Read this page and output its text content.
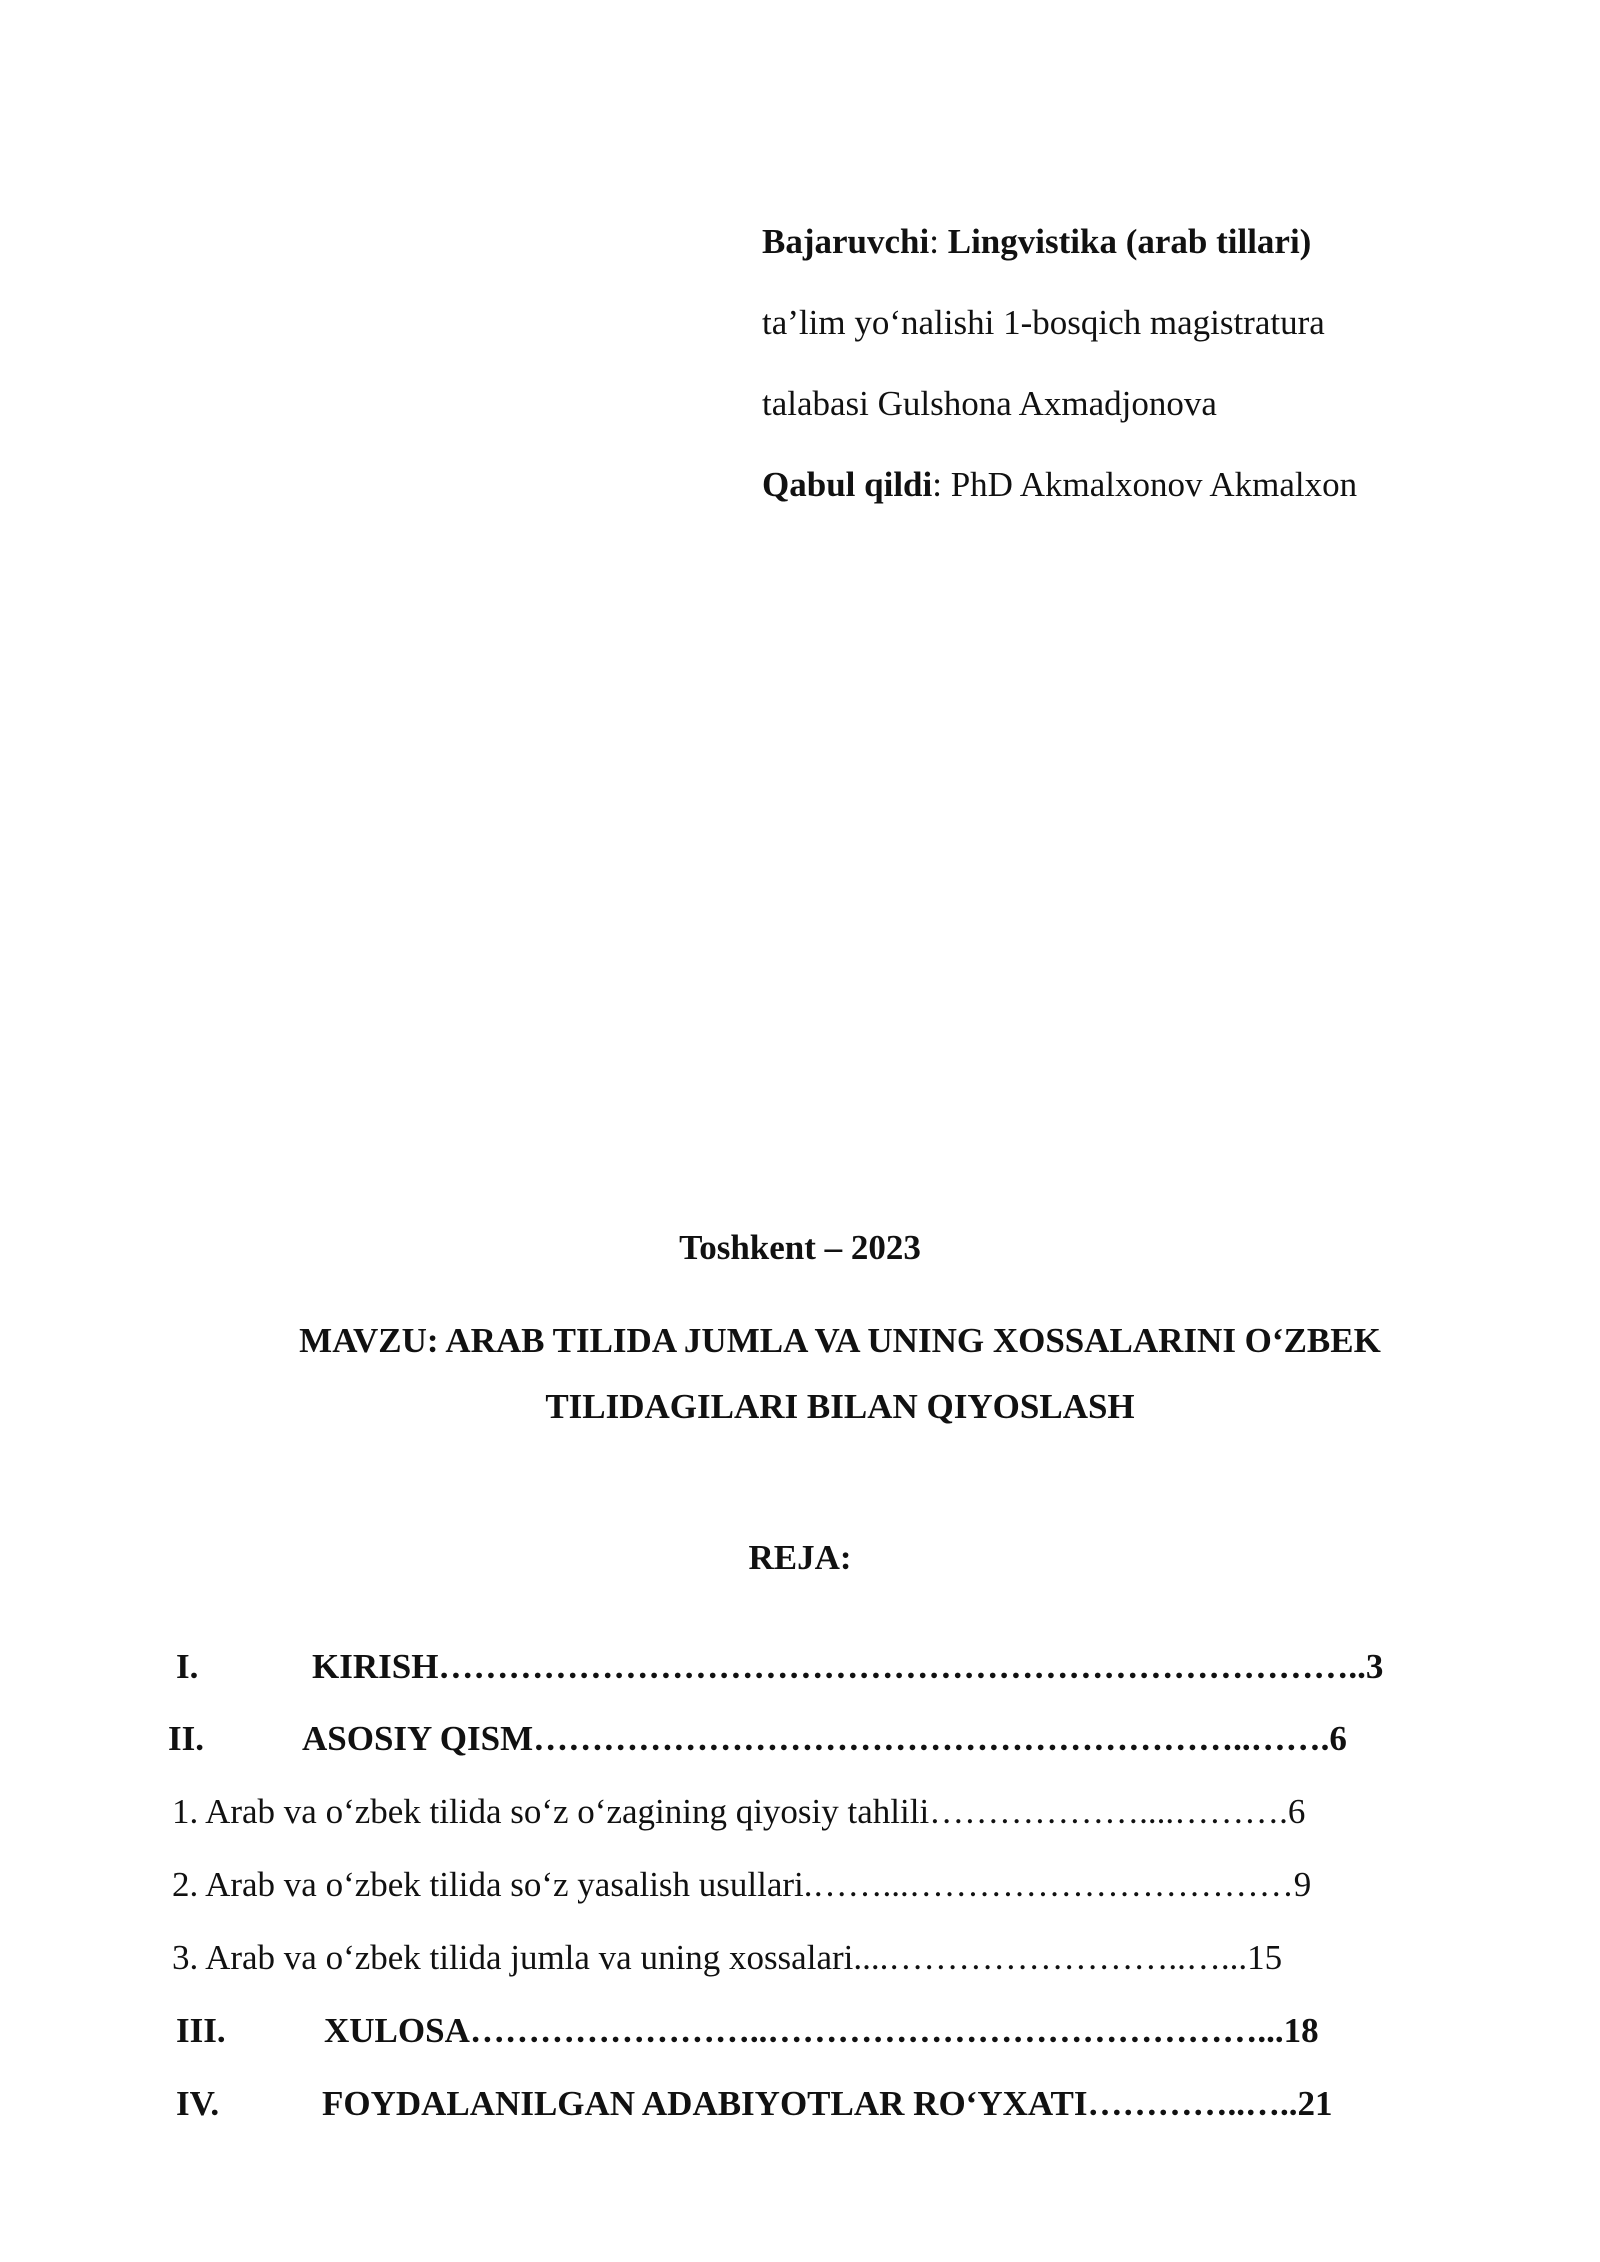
Bajaruvchi: Lingvistika (arab tillari)
ta’lim yo‘nalishi 1-bosqich magistratura
talabasi Gulshona Axmadjonova
Qabul qildi: PhD Akmalxonov Akmalxon
Toshkent – 2023
MAVZU: ARAB TILIDA JUMLA VA UNING XOSSALARINI O‘ZBEK
TILIDAGILARI BILAN QIYOSLASH
REJA:
I.	KIRISH……………………………………………………………………..3
II.	ASOSIY QISM……………………………………………………..…….6
1. Arab va o‘zbek tilida so‘z o‘zagining qiyosiy tahlili………………....……….6
2. Arab va o‘zbek tilida so‘z yasalish usullari.……...……………………………9
3. Arab va o‘zbek tilida jumla va uning xossalari....……………………..…...15
III.	XULOSA……………………..……………………………………...18
IV.	FOYDALANILGAN ADABIYOTLAR RO‘YXATI…………..…..21
